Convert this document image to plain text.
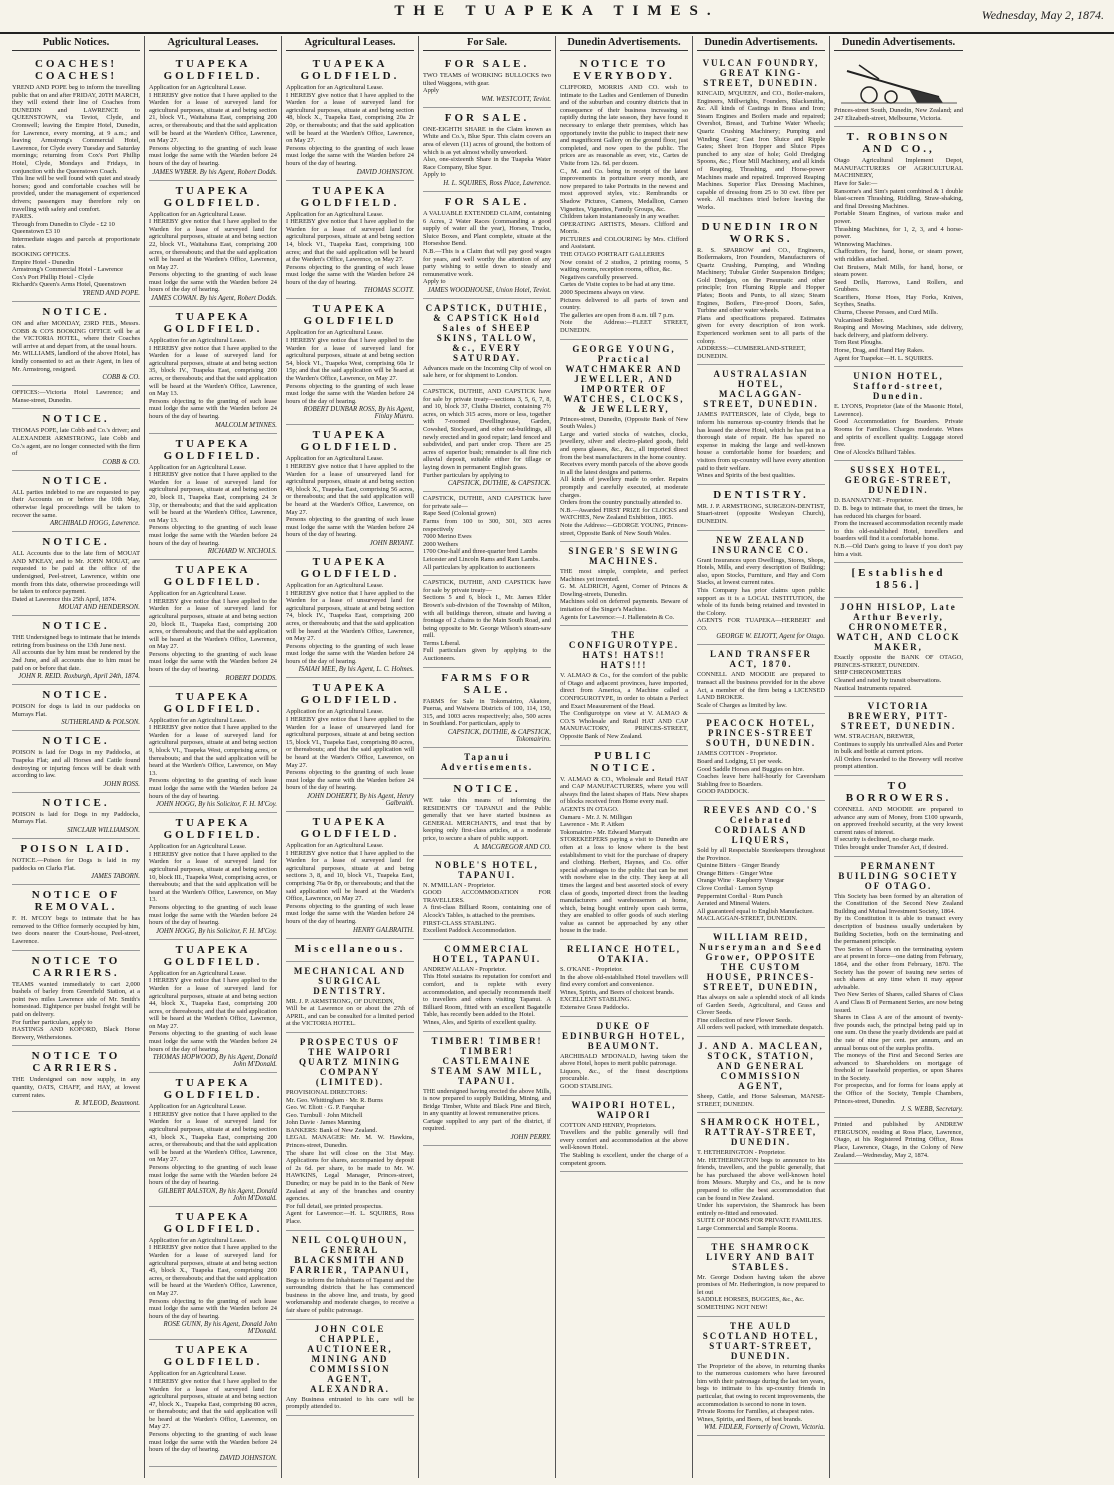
THE TUAPEKA TIMES.	Wednesday, May 2, 1874.
Public Notices.
COACHES! COACHES!
YREND AND POPE beg to inform the travelling public that on and after FRIDAY, 20TH MARCH, they will extend their line of Coaches from DUNEDIN and LAWRENCE to QUEENSTOWN, via Teviot, Clyde, and Cromwell; leaving the Empire Hotel, Dunedin, for Lawrence, every morning, at 9 a.m.; and leaving Armstrong's Commercial Hotel, Lawrence, for Clyde every Tuesday and Saturday mornings; returning from Cox's Port Phillip Hotel, Clyde, Mondays and Fridays, in conjunction with the Queenstown Coach.
This line will be well found with quiet and steady horses; good and comfortable coaches will be provided, under the management of experienced drivers; passengers may therefore rely on travelling with safety and comfort.
FARES.
Through from Dunedin to Clyde - £2 10
Queenstown £3 10
Intermediate stages and parcels at proportionate rates.
BOOKING OFFICES.
Empire Hotel - Dunedin
Armstrong's Commercial Hotel - Lawrence
Cox's Port Phillip Hotel - Clyde
Richardt's Queen's Arms Hotel, Queenstown
YREND AND POPE.
NOTICE.
ON and after MONDAY, 23RD FEB., Messrs. COBB & CO'S BOOKING OFFICE will be at the VICTORIA HOTEL, where their Coaches will arrive at and depart from, at the usual hours.
Mr. WILLIAMS, landlord of the above Hotel, has kindly consented to act as their Agent, in lieu of Mr. Armstrong, resigned.
COBB & CO.
OFFICES:—Victoria Hotel Lawrence; and Manse-street, Dunedin.
NOTICE.
THOMAS POPE, late Cobb and Co.'s driver; and ALEXANDER ARMSTRONG, late Cobb and Co.'s agent, are no longer connected with the firm of
COBB & CO.
NOTICE.
ALL parties indebted to me are requested to pay their Accounts on or before the 10th May, otherwise legal proceedings will be taken to recover the same.
ARCHIBALD HOGG, Lawrence.
NOTICE.
ALL Accounts due to the late firm of MOUAT AND M'KEAY, and to Mr. JOHN MOUAT, are requested to be paid at the office of the undersigned, Peel-street, Lawrence, within one month from this date, otherwise proceedings will be taken to enforce payment.
Dated at Lawrence this 25th April, 1874.
MOUAT AND HENDERSON.
NOTICE.
THE Undersigned begs to intimate that he intends retiring from business on the 13th June next.
All accounts due by him must be rendered by the 2nd June, and all accounts due to him must be paid on or before that date.
JOHN R. REID. Roxburgh, April 24th, 1874.
NOTICE.
POISON for dogs is laid in our paddocks on Murrays Flat.
SUTHERLAND & POLSON.
NOTICE.
POISON is laid for Dogs in my Paddocks, at Tuapeka Flat; and all Horses and Cattle found destroying or injuring fences will be dealt with according to law.
JOHN ROSS.
NOTICE.
POISON is laid for Dogs in my Paddocks, Murrays Flat.
SINCLAIR WILLIAMSON.
POISON LAID.
NOTICE.—Poison for Dogs is laid in my paddocks on Clarks Flat.
JAMES TABORN.
NOTICE OF REMOVAL.
F. H. M'COY begs to intimate that he has removed to the Office formerly occupied by him, two doors nearer the Court-house, Peel-street, Lawrence.
NOTICE TO CARRIERS.
TEAMS wanted immediately to cart 2,000 bushels of barley from Greenfield Station, at a point two miles Lawrence side of Mr. Smith's homestead. Eightpence per bushel freight will be paid on delivery.
For further particulars, apply to
HASTINGS AND KOFORD, Black Horse Brewery, Wetherstones.
NOTICE TO CARRIERS.
THE Undersigned can now supply, in any quantity, OATS, CHAFF, and HAY, at lowest current rates.
R. M'LEOD, Beaumont.
Agricultural Leases.
TUAPEKA GOLDFIELD.
Application for an Agricultural Lease.
I HEREBY give notice that I have applied to the Warden for a lease of surveyed land for agricultural purposes, situate at and being section 21, block VI., Waitahuna East, comprising 200 acres, or thereabouts; and that the said application will be heard at the Warden's Office, Lawrence, on May 27.
Persons objecting to the granting of such lease must lodge the same with the Warden before 24 hours of the day of hearing.
JAMES WYBER. By his Agent, Robert Dodds.
TUAPEKA GOLDFIELD.
Application for an Agricultural Lease.
I HEREBY give notice that I have applied to the Warden for a lease of surveyed land for agricultural purposes, situate at and being section 22, block VI., Waitahuna East, comprising 200 acres, or thereabouts; and that the said application will be heard at the Warden's Office, Lawrence, on May 27.
Persons objecting to the granting of such lease must lodge the same with the Warden before 24 hours of the day of hearing.
JAMES COWAN. By his Agent, Robert Dodds.
TUAPEKA GOLDFIELD.
Application for an Agricultural Lease.
I HEREBY give notice that I have applied to the Warden for a lease of surveyed land for agricultural purposes, situate at and being section 35, block IV., Tuapeka East, comprising 200 acres, or thereabouts; and that the said application will be heard at the Warden's Office, Lawrence, on May 13.
Persons objecting to the granting of such lease must lodge the same with the Warden before 24 hours of the day of hearing.
MALCOLM M'INNES.
TUAPEKA GOLDFIELD.
Application for an Agricultural Lease.
I HEREBY give notice that I have applied to the Warden for a lease of surveyed land for agricultural purposes, situate at and being section 20, block II., Tuapeka East, comprising 24 3r 31p, or thereabouts; and that the said application will be heard at the Warden's Office, Lawrence, on May 13.
Persons objecting to the granting of such lease must lodge the same with the Warden before 24 hours of the day of hearing.
RICHARD W. NICHOLS.
TUAPEKA GOLDFIELD.
Application for an Agricultural Lease.
I HEREBY give notice that I have applied to the Warden for a lease of surveyed land for agricultural purposes, situate at and being section 20, block II., Tuapeka East, comprising 200 acres, or thereabouts; and that the said application will be heard at the Warden's Office, Lawrence, on May 27.
Persons objecting to the granting of such lease must lodge the same with the Warden before 24 hours of the day of hearing.
ROBERT DODDS.
TUAPEKA GOLDFIELD.
Application for an Agricultural Lease.
I HEREBY give notice that I have applied to the Warden for a lease of surveyed land for agricultural purposes, situate at and being section 9, block VI., Tuapeka West, comprising acres, or thereabouts; and that the said application will be heard at the Warden's Office, Lawrence, on May 13.
Persons objecting to the granting of such lease must lodge the same with the Warden before 24 hours of the day of hearing.
JOHN HOGG, By his Solicitor, F. H. M'Coy.
TUAPEKA GOLDFIELD.
Application for an Agricultural Lease.
I HEREBY give notice that I have applied to the Warden for a lease of surveyed land for agricultural purposes, situate at and being section 10, block III., Tuapeka West, comprising acres, or thereabouts; and that the said application will be heard at the Warden's Office, Lawrence, on May 13.
Persons objecting to the granting of such lease must lodge the same with the Warden before 24 hours of the day of hearing.
JOHN HOGG, By his Solicitor, F. H. M'Coy.
TUAPEKA GOLDFIELD.
Application for an Agricultural Lease.
I HEREBY give notice that I have applied to the Warden for a lease of surveyed land for agricultural purposes, situate at and being section 44, block X., Tuapeka East, comprising 200 acres, or thereabouts; and that the said application will be heard at the Warden's Office, Lawrence, on May 27.
Persons objecting to the granting of such lease must lodge the same with the Warden before 24 hours of the day of hearing.
THOMAS HOPWOOD, By his Agent, Donald John M'Donald.
TUAPEKA GOLDFIELD.
Application for an Agricultural Lease.
I HEREBY give notice that I have applied to the Warden for a lease of surveyed land for agricultural purposes, situate at and being section 43, block X., Tuapeka East, comprising 200 acres, or thereabouts; and that the said application will be heard at the Warden's Office, Lawrence, on May 27.
Persons objecting to the granting of such lease must lodge the same with the Warden before 24 hours of the day of hearing.
GILBERT RALSTON, By his Agent, Donald John M'Donald.
TUAPEKA GOLDFIELD.
Application for an Agricultural Lease.
I HEREBY give notice that I have applied to the Warden for a lease of surveyed land for agricultural purposes, situate at and being section 45, block X., Tuapeka East, comprising 200 acres, or thereabouts; and that the said application will be heard at the Warden's Office, Lawrence, on May 27.
Persons objecting to the granting of such lease must lodge the same with the Warden before 24 hours of the day of hearing.
ROSE GUNN, By his Agent, Donald John M'Donald.
TUAPEKA GOLDFIELD.
Application for an Agricultural Lease.
I HEREBY give notice that I have applied to the Warden for a lease of surveyed land for agricultural purposes, situate at and being section 47, block X., Tuapeka East, comprising 80 acres, or thereabouts; and that the said application will be heard at the Warden's Office, Lawrence, on May 27.
Persons objecting to the granting of such lease must lodge the same with the Warden before 24 hours of the day of hearing.
DAVID JOHNSTON.
Agricultural Leases.
TUAPEKA GOLDFIELD.
Application for an Agricultural Lease.
I HEREBY give notice that I have applied to the Warden for a lease of surveyed land for agricultural purposes, situate at and being section 48, block X., Tuapeka East, comprising 20a 2r 20p, or thereabouts; and that the said application will be heard at the Warden's Office, Lawrence, on May 27.
Persons objecting to the granting of such lease must lodge the same with the Warden before 24 hours of the day of hearing.
DAVID JOHNSTON.
TUAPEKA GOLDFIELD.
Application for an Agricultural Lease.
I HEREBY give notice that I have applied to the Warden for a lease of surveyed land for agricultural purposes, situate at and being section 14, block VI., Tuapeka East, comprising 100 acres; and that the said application will be heard at the Warden's Office, Lawrence, on May 27.
Persons objecting to the granting of such lease must lodge the same with the Warden before 24 hours of the day of hearing.
THOMAS SCOTT.
TUAPEKA GOLDFIELD
Application for an Agricultural Lease.
I HEREBY give notice that I have applied to the Warden for a lease of surveyed land for agricultural purposes, situate at and being section 54, block VI., Tuapeka West, comprising 60a 1r 15p; and that the said application will be heard at the Warden's Office, Lawrence, on May 27.
Persons objecting to the granting of such lease must lodge the same with the Warden before 24 hours of the day of hearing.
ROBERT DUNBAR ROSS, By his Agent, Finlay Munro.
TUAPEKA GOLDFIELD.
Application for an Agricultural Lease.
I HEREBY give notice that I have applied to the Warden for a lease of unsurveyed land for agricultural purposes, situate at and being section 49, block X., Tuapeka East, comprising 56 acres, or thereabouts; and that the said application will be heard at the Warden's Office, Lawrence, on May 27.
Persons objecting to the granting of such lease must lodge the same with the Warden before 24 hours of the day of hearing.
JOHN BRYANT.
TUAPEKA GOLDFIELD.
Application for an Agricultural Lease.
I HEREBY give notice that I have applied to the Warden for a lease of unsurveyed land for agricultural purposes, situate at and being section 74, block IV., Tuapeka East, comprising 200 acres, or thereabouts; and that the said application will be heard at the Warden's Office, Lawrence, on May 27.
Persons objecting to the granting of such lease must lodge the same with the Warden before 24 hours of the day of hearing.
ISAIAH MEE, By his Agent, L. C. Holmes.
TUAPEKA GOLDFIELD.
Application for an Agricultural Lease.
I HEREBY give notice that I have applied to the Warden for a lease of unsurveyed land for agricultural purposes, situate at and being section 15, block VI., Tuapeka East, comprising 80 acres, or thereabouts; and that the said application will be heard at the Warden's Office, Lawrence, on May 27.
Persons objecting to the granting of such lease must lodge the same with the Warden before 24 hours of the day of hearing.
JOHN DOHERTY, By his Agent, Henry Galbraith.
TUAPEKA GOLDFIELD.
Application for an Agricultural Lease.
I HEREBY give notice that I have applied to the Warden for a lease of surveyed land for agricultural purposes, situate at and being sections 3, 8, and 10, block VI., Tuapeka East, comprising 76a 0r 8p, or thereabouts; and that the said application will be heard at the Warden's Office, Lawrence, on May 27.
Persons objecting to the granting of such lease must lodge the same with the Warden before 24 hours of the day of hearing.
HENRY GALBRAITH.
Miscellaneous.
MECHANICAL AND SURGICAL DENTISTRY.
MR. J. P. ARMSTRONG, OF DUNEDIN,
Will be at Lawrence on or about the 27th of APRIL, and can be consulted for a limited period at the VICTORIA HOTEL.
PROSPECTUS OF THE WAIPORI QUARTZ MINING COMPANY (LIMITED).
PROVISIONAL DIRECTORS:
Mr. Geo. Whittingham · Mr. R. Burns
Geo. W. Eliott · G. P. Farquhar
Geo. Turnbull · John Mitchell
John Davie · James Manning
BANKERS: Bank of New Zealand.
LEGAL MANAGER: Mr. M. W. Hawkins, Princes-street, Dunedin.
The share list will close on the 31st May. Applications for shares, accompanied by deposit of 2s 6d. per share, to be made to Mr. W. HAWKINS, Legal Manager, Princes-street, Dunedin; or may be paid in to the Bank of New Zealand at any of the branches and country agencies.
For full detail, see printed prospectus.
Agent for Lawrence:—H. L. SQUIRES, Ross Place.
NEIL COLQUHOUN, GENERAL BLACKSMITH AND FARRIER, TAPANUI,
Begs to inform the Inhabitants of Tapanui and the surrounding districts that he has commenced business in the above line, and trusts, by good workmanship and moderate charges, to receive a fair share of public patronage.
JOHN COLE CHAPPLE, AUCTIONEER, MINING AND COMMISSION AGENT, ALEXANDRA.
Any Business entrusted to his care will be promptly attended to.
For Sale.
FOR SALE.
TWO TEAMS of WORKING BULLOCKS two tilted Waggons, with gear.
Apply
WM. WESTCOTT, Teviot.
FOR SALE.
ONE-EIGHTH SHARE in the Claim known as White and Co.'s, Blue Spur. This claim covers an area of eleven (11) acres of ground, the bottom of which is as yet almost wholly unworked.
Also, one-sixteenth Share in the Tuapeka Water Race Company, Blue Spur.
Apply to
H. L. SQUIRES, Ross Place, Lawrence.
FOR SALE.
A VALUABLE EXTENDED CLAIM, containing 6 Acres, 2 Water Races (commanding a good supply of water all the year), Horses, Trucks, Sluice Boxes, and Plant complete, situate at the Horseshoe Bend.
N.B.—This is a Claim that will pay good wages for years, and well worthy the attention of any party wishing to settle down to steady and remunerative work.
Apply to
JAMES WOODHOUSE, Union Hotel, Teviot.
CAPSTICK, DUTHIE, & CAPSTICK Hold Sales of SHEEP SKINS, TALLOW, &c., EVERY SATURDAY.
Advances made on the Incoming Clip of wool on sale here, or for shipment to London.
CAPSTICK, DUTHIE, AND CAPSTICK have for sale by private treaty—sections 3, 5, 6, 7, 8, and 10, block 37, Clutha District, containing 7½ acres, on which 315 acres, more or less, together with 7-roomed Dwellinghouse, Garden, Cowshed, Stockyard, and other out-buildings, all newly erected and in good repair; land fenced and subdivided, and part under crop. There are 25 acres of superior bush; remainder is all fine rich alluvial deposit, suitable either for tillage or laying down in permanent English grass.
Further particulars by applying to
CAPSTICK, DUTHIE, & CAPSTICK.
CAPSTICK, DUTHIE, AND CAPSTICK have for private sale—
Rape Seed (Colonial grown)
Farms from 100 to 300, 301, 303 acres respectively
7000 Merino Ewes
2000 Wethers
1700 One-half and three-quarter bred Lambs
Leicester and Lincoln Rams and Ram Lambs.
All particulars by application to auctioneers
CAPSTICK, DUTHIE, AND CAPSTICK have for sale by private treaty—
Sections 5 and 6, block I., Mr. James Elder Brown's sub-division of the Township of Milton, with all buildings thereon, situate and having a frontage of 2 chains to the Main South Road, and being opposite to Mr. George Wilson's steam-saw mill.
Terms Liberal.
Full particulars given by applying to the Auctioneers.
FARMS FOR SALE.
FARMS for Sale in Tokomairiro, Akatore, Puerua, and Waiwera Districts of 100, 114, 150, 315, and 1003 acres respectively; also, 500 acres in Southland. For particulars, apply to
CAPSTICK, DUTHIE, & CAPSTICK, Tokomairiro.
Tapanui Advertisements.
NOTICE.
WE take this means of informing the RESIDENTS OF TAPANUI and the Public generally that we have started business as GENERAL MERCHANTS, and trust that by keeping only first-class articles, at a moderate price, to secure a share of public support.
A. MACGREGOR AND CO.
NOBLE'S HOTEL, TAPANUI.
N. M'MILLAN - Proprietor.
GOOD ACCOMMODATION FOR TRAVELLERS.
A first-class Billiard Room, containing one of Alcock's Tables, is attached to the premises.
FIRST-CLASS STABLING.
Excellent Paddock Accommodation.
COMMERCIAL HOTEL, TAPANUI.
ANDREW ALLAN - Proprietor.
This Hotel sustains its reputation for comfort and comfort, and is replete with every accommodation, and specially recommends itself to travellers and others visiting Tapanui. A Billiard Room, fitted with an excellent Bagatelle Table, has recently been added to the Hotel.
Wines, Ales, and Spirits of excellent quality.
TIMBER! TIMBER! TIMBER! CASTLEMAINE STEAM SAW MILL, TAPANUI.
THE undersigned having erected the above Mills, is now prepared to supply Building, Mining, and Bridge Timber, White and Black Pine and Birch, in any quantity at lowest remunerative prices.
Cartage supplied to any part of the district, if required.
JOHN PERRY.
Dunedin Advertisements.
NOTICE TO EVERYBODY.
CLIFFORD, MORRIS AND CO. wish to intimate to the Ladies and Gentlemen of Dunedin and of the suburban and country districts that in consequence of their business increasing so rapidly during the late season, they have found it necessary to enlarge their premises, which has opportunely invite the public to inspect their new and magnificent Gallery on the ground floor, just completed, and now open to the public. The prices are as reasonable as ever, viz., Cartes de Visite from 12s. 6d. per dozen.
C., M. and Co. being in receipt of the latest improvements in portraiture every month, are now prepared to take Portraits in the newest and most approved styles, viz.: Rembrandts or Shadow Pictures, Cameos, Medallion, Cameo Vignettes, Vignettes, Family Groups, &c.
Children taken instantaneously in any weather.
OPERATING ARTISTS, Messrs. Clifford and Morris.
PICTURES and COLOURING by Mrs. Clifford and Assistant.
THE OTAGO PORTRAIT GALLERIES
Now consist of 2 studios, 2 printing rooms, 5 waiting rooms, reception rooms, office, &c.
Negatives carefully preserved.
Cartes de Visite copies to be had at any time.
2000 Specimens always on view.
Pictures delivered to all parts of town and country.
The galleries are open from 8 a.m. till 7 p.m.
Note the Address:—FLEET STREET, DUNEDIN.
GEORGE YOUNG, Practical WATCHMAKER AND JEWELLER, AND IMPORTER OF WATCHES, CLOCKS, & JEWELLERY,
Princes-street, Dunedin, (Opposite Bank of New South Wales.)
Large and varied stocks of watches, clocks, jewellery, silver and electro-plated goods, field and opera glasses, &c., &c., all imported direct from the best manufacturers in the home country.
Receives every month parcels of the above goods in all the latest designs and patterns.
All kinds of jewellery made to order. Repairs promptly and carefully executed, at moderate charges.
Orders from the country punctually attended to.
N.B.—Awarded FIRST PRIZE for CLOCKS and WATCHES, New Zealand Exhibition, 1865.
Note the Address:—GEORGE YOUNG, Princes-street, Opposite Bank of New South Wales.
SINGER'S SEWING MACHINES.
THE most simple, complete, and perfect Machines yet invented.
G. M. ALDRICH, Agent, Corner of Princes & Dowling-streets, Dunedin.
Machines sold on deferred payments. Beware of imitation of the Singer's Machine.
Agents for Lawrence:—J. Hallenstein & Co.
THE CONFIGUROTYPE. HATS! HATS!! HATS!!!
V. ALMAO & Co., for the comfort of the public of Otago and adjacent provinces, have imported, direct from America, a Machine called a CONFIGUROTYPE, in order to obtain a Perfect and Exact Measurement of the Head.
The Configurotype on view at V. ALMAO & CO.'S Wholesale and Retail HAT AND CAP MANUFACTORY, PRINCES-STREET, Opposite Bank of New Zealand.
PUBLIC NOTICE.
V. ALMAO & CO., Wholesale and Retail HAT and CAP MANUFACTURERS, where you will always find the latest shapes of Hats. New shapes of blocks received from Home every mail.
AGENTS IN OTAGO.
Oamaru - Mr. J. N. Milligan
Lawrence - Mr. P. Aitken
Tokomairiro - Mr. Edward Marryatt
STOREKEEPERS paying a visit to Dunedin are often at a loss to know where is the best establishment to visit for the purchase of drapery and clothing. Herbert, Haynes, and Co. offer special advantages to the public that can be met with nowhere else in the city. They keep at all times the largest and best assorted stock of every class of goods, imported direct from the leading manufacturers and warehousemen at home, which, being bought entirely upon cash terms, they are enabled to offer goods of such sterling value as cannot be approached by any other house in the trade.
RELIANCE HOTEL, OTAKIA.
S. O'KANE - Proprietor.
In the above old-established Hotel travellers will find every comfort and convenience.
Wines, Spirits, and Beers of choicest brands.
EXCELLENT STABLING.
Extensive Grass Paddocks.
DUKE OF EDINBURGH HOTEL, BEAUMONT.
ARCHIBALD M'DONALD, having taken the above Hotel, hopes to merit public patronage.
Liquors, &c., of the finest descriptions procurable.
GOOD STABLING.
WAIPORI HOTEL, WAIPORI
COTTON AND HENRY, Proprietors.
Travellers and the public generally will find every comfort and accommodation at the above well-known Hotel.
The Stabling is excellent, under the charge of a competent groom.
Dunedin Advertisements.
VULCAN FOUNDRY, GREAT KING-STREET, DUNEDIN.
KINCAID, M'QUEEN, and CO., Boiler-makers, Engineers, Millwrights, Founders, Blacksmiths, &c. All kinds of Castings in Brass and Iron; Steam Engines and Boilers made and repaired; Overshot, Breast, and Turbine Water Wheels; Quartz Crushing Machinery; Pumping and Winding Gear; Cast Iron Sluice and Ripple Gates; Sheet Iron Hopper and Sluice Pipes punched to any size of hole; Gold Dredging Spoons, &c.; Flour Mill Machinery, and all kinds of Reaping, Thrashing, and Horse-power Machines made and repaired. Improved Reaping Machines. Superior Flax Dressing Machines, capable of dressing from 25 to 30 cwt. fibre per week. All machines tried before leaving the Works.
DUNEDIN IRON WORKS.
R. S. SPARROW and CO., Engineers, Boilermakers, Iron Founders, Manufacturers of Quartz Crushing, Pumping, and Winding Machinery; Tubular Girder Suspension Bridges; Gold Dredges, on the Pneumatic and other principle; Iron Fluming Ripple and Hopper Plates; Boots and Punts, to all sizes; Steam Engines, Boilers, Fire-proof Doors, Safes, Turbine and other water wheels.
Plans and specifications prepared. Estimates given for every description of iron work. Experienced workmen sent to all parts of the colony.
ADDRESS:—CUMBERLAND-STREET, DUNEDIN.
AUSTRALASIAN HOTEL, MACLAGGAN-STREET, DUNEDIN.
JAMES PATTERSON, late of Clyde, begs to inform his numerous up-country friends that he has leased the above Hotel, which he has put in a thorough state of repair. He has spared no expense in making the large and well-known house a comfortable home for boarders; and visitors from up-country will have every attention paid to their welfare.
Wines and Spirits of the best qualities.
DENTISTRY.
MR. J. P. ARMSTRONG, SURGEON-DENTIST, Stuart-street (opposite Wesleyan Church), DUNEDIN.
NEW ZEALAND INSURANCE CO.
Grant Insurances upon Dwellings, Stores, Shops, Hotels, Mills, and every description of Building; also, upon Stocks, Furniture, and Hay and Corn Stacks, at lowest current rates.
This Company has prior claims upon public support as it is a LOCAL INSTITUTION, the whole of its funds being retained and invested in the Colony.
AGENTS FOR TUAPEKA—HERBERT and CO.
GEORGE W. ELIOTT, Agent for Otago.
LAND TRANSFER ACT, 1870.
CONNELL AND MOODIE are prepared to transact all the business provided for in the above Act, a member of the firm being a LICENSED LAND BROKER.
Scale of Charges as limited by law.
PEACOCK HOTEL, PRINCES-STREET SOUTH, DUNEDIN.
JAMES COTTON - Proprietor.
Board and Lodging, £1 per week.
Good Saddle Horses and Buggies on hire.
Coaches leave here half-hourly for Caversham Stabling free to Boarders.
GOOD PADDOCK.
REEVES AND CO.'S Celebrated CORDIALS AND LIQUERS,
Sold by all Respectable Storekeepers throughout the Province.
Quinine Bitters · Ginger Brandy
Orange Bitters · Ginger Wine
Orange Wine · Raspberry Vinegar
Clove Cordial · Lemon Syrup
Peppermint Cordial · Rum Punch
Aerated and Mineral Waters.
All guaranteed equal to English Manufacture.
MACLAGGAN-STREET, DUNEDIN.
WILLIAM REID, Nurseryman and Seed Grower, OPPOSITE THE CUSTOM HOUSE, PRINCES-STREET, DUNEDIN,
Has always on sale a splendid stock of all kinds of Garden Seeds, Agricultural, and Grass and Clover Seeds.
Fine collection of new Flower Seeds.
All orders well packed, with immediate despatch.
J. AND A. MACLEAN, STOCK, STATION, AND GENERAL COMMISSION AGENT,
Sheep, Cattle, and Horse Salesman, MANSE-STREET, DUNEDIN.
SHAMROCK HOTEL, RATTRAY-STREET, DUNEDIN.
T. HETHERINGTON - Proprietor.
Mr. HETHERINGTON begs to announce to his friends, travellers, and the public generally, that he has purchased the above well-known hotel from Messrs. Murphy and Co., and he is now prepared to offer the best accommodation that can be found in New Zealand.
Under his supervision, the Shamrock has been entirely re-fitted and renovated.
SUITE OF ROOMS FOR PRIVATE FAMILIES.
Large Commercial and Sample Rooms.
THE SHAMROCK LIVERY AND BAIT STABLES.
Mr. George Dodson having taken the above promises of Mr. Hetherington, is now prepared to let out
SADDLE HORSES, BUGGIES, &c., &c.
SOMETHING NOT NEW!
THE AULD SCOTLAND HOTEL, STUART-STREET, DUNEDIN.
The Proprietor of the above, in returning thanks to the numerous customers who have favoured him with their patronage during the last ten years, begs to intimate to his up-country friends in particular, that owing to recent improvements, the accommodation is second to none in town.
Private Rooms for Families, at cheapest rates.
Wines, Spirits, and Beers, of best brands.
WM. FIDLER, Formerly of Crown, Victoria.
Dunedin Advertisements.
Princes-street South, Dunedin, New Zealand; and 247 Elizabeth-street, Melbourne, Victoria.
T. ROBINSON AND CO.,
Otago Agricultural Implement Depot, MANUFACTURERS OF AGRICULTURAL MACHINERY,
Have for Sale:—
Ransome's and Sim's patent combined & 1 double blast-screen Thrashing, Riddling, Straw-shaking, and final Dressing Machines.
Portable Steam Engines, of various make and power.
Thrashing Machines, for 1, 2, 3, and 4 horse-power.
Winnowing Machines.
Chaffcutters, for hand, horse, or steam power, with riddles attached.
Oat Bruisers, Malt Mills, for hand, horse, or steam power.
Seed Drills, Harrows, Land Rollers, and Grubbers.
Scarifiers, Horse Hoes, Hay Forks, Knives, Scythes, Snaths.
Churns, Cheese Presses, and Curd Mills.
Vulcanised Rubber.
Reaping and Mowing Machines, side delivery, back delivery, and platform delivery.
Torn Rest Ploughs.
Horse, Drag, and Hand Hay Rakes.
Agent for Tuapeka:—H. L. SQUIRES.
UNION HOTEL, Stafford-street, Dunedin.
E. LYONS, Proprietor (late of the Masonic Hotel, Lawrence).
Good Accommodation for Boarders. Private Rooms for Families. Charges moderate. Wines and spirits of excellent quality. Luggage stored free.
One of Alcock's Billiard Tables.
SUSSEX HOTEL, GEORGE-STREET, DUNEDIN.
D. BANNATYNE - Proprietor.
D. B. begs to intimate that, to meet the times, he has reduced his charges for board.
From the increased accommodation recently made to this old-established Hotel, travellers and boarders will find it a comfortable home.
N.B.—Old Dan's going to leave if you don't pay him a visit.
[Established 1856.]
JOHN HISLOP, Late Arthur Beverly, CHRONOMETER, WATCH, AND CLOCK MAKER,
Exactly opposite the BANK OF OTAGO, PRINCES-STREET, DUNEDIN.
SHIP CHRONOMETERS
Cleaned and rated by transit observations.
Nautical Instruments repaired.
VICTORIA BREWERY, PITT-STREET, DUNEDIN.
WM. STRACHAN, BREWER,
Continues to supply his unrivalled Ales and Porter in bulk and bottle at current prices.
All Orders forwarded to the Brewery will receive prompt attention.
TO BORROWERS.
CONNELL AND MOODIE are prepared to advance any sum of Money, from £100 upwards, on approved freehold security, at the very lowest current rates of interest.
If security is declined, no charge made.
Titles brought under Transfer Act, if desired.
PERMANENT BUILDING SOCIETY OF OTAGO.
This Society has been formed by an alteration of the Constitution of the Second New Zealand Building and Mutual Investment Society, 1864.
By its Constitution it is able to transact every description of business usually undertaken by Building Societies, both on the terminating and the permanent principle.
Two Series of Shares on the terminating system are at present in force—one dating from February, 1864, and the other from February, 1870. The Society has the power of issuing new series of such shares at any time when it may appear advisable.
Two New Series of Shares, called Shares of Class A and Class B of Permanent Series, are now being issued.
Shares in Class A are of the amount of twenty-five pounds each, the principal being paid up in one sum. On these the yearly dividends are paid at the rate of nine per cent. per annum, and an annual bonus out of the surplus profits.
The moneys of the First and Second Series are advanced to Shareholders on mortgage of freehold or leasehold properties, or upon Shares in the Society.
For prospectus, and for forms for loans apply at the Office of the Society, Temple Chambers, Princes-street, Dunedin.
J. S. WEBB, Secretary.
Printed and published by ANDREW FERGUSON, residing at Ross Place, Lawrence, Otago, at his Registered Printing Office, Ross Place, Lawrence, Otago, in the Colony of New Zealand.—Wednesday, May 2, 1874.
